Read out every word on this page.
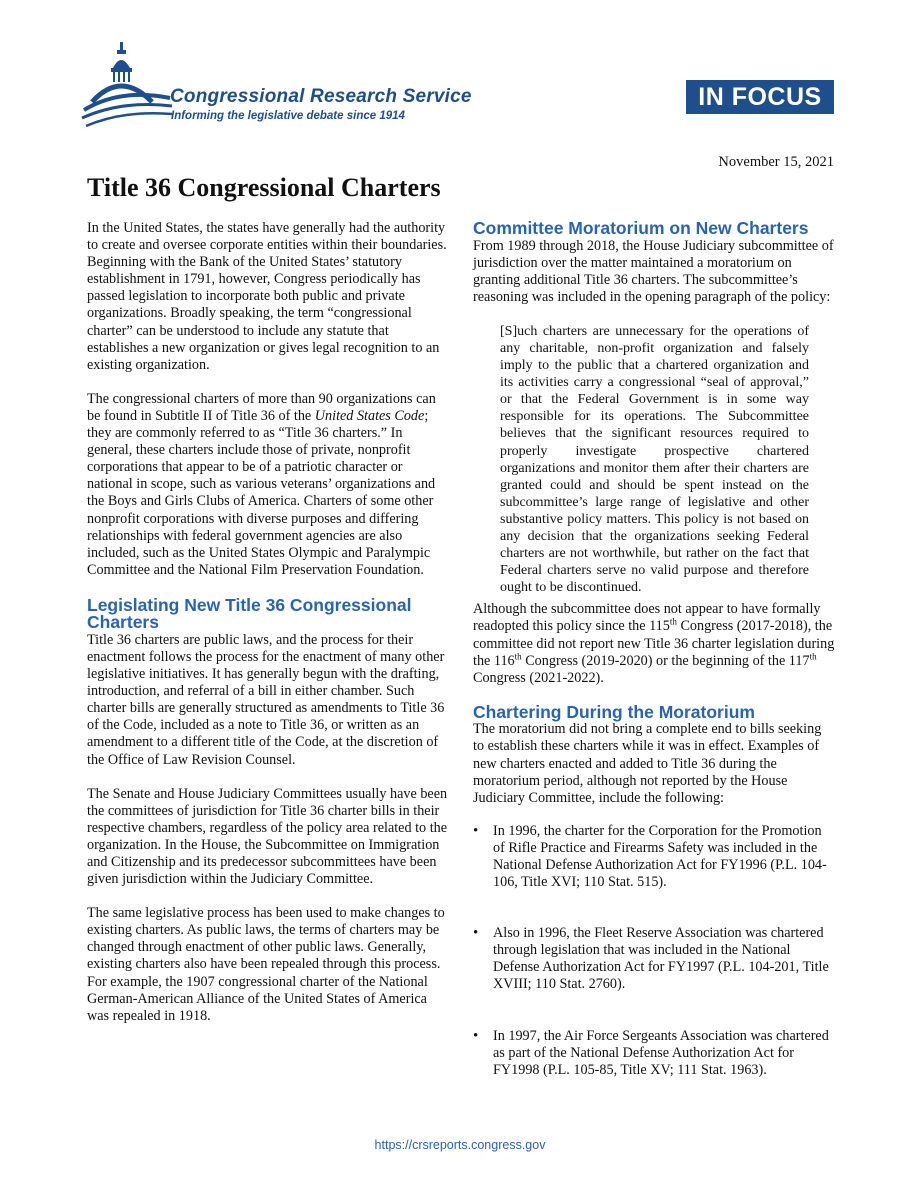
Congressional Research Service
Informing the legislative debate since 1914
IN FOCUS
November 15, 2021
Title 36 Congressional Charters

In the United States, the states have generally had the authority to create and oversee corporate entities within their boundaries. Beginning with the Bank of the United States’ statutory establishment in 1791, however, Congress periodically has passed legislation to incorporate both public and private organizations. Broadly speaking, the term “congressional charter” can be understood to include any statute that establishes a new organization or gives legal recognition to an existing organization.

The congressional charters of more than 90 organizations can be found in Subtitle II of Title 36 of the United States Code; they are commonly referred to as “Title 36 charters.” In general, these charters include those of private, nonprofit corporations that appear to be of a patriotic character or national in scope, such as various veterans’ organizations and the Boys and Girls Clubs of America. Charters of some other nonprofit corporations with diverse purposes and differing relationships with federal government agencies are also included, such as the United States Olympic and Paralympic Committee and the National Film Preservation Foundation.

Legislating New Title 36 Congressional Charters

Title 36 charters are public laws, and the process for their enactment follows the process for the enactment of many other legislative initiatives. It has generally begun with the drafting, introduction, and referral of a bill in either chamber. Such charter bills are generally structured as amendments to Title 36 of the Code, included as a note to Title 36, or written as an amendment to a different title of the Code, at the discretion of the Office of Law Revision Counsel.

The Senate and House Judiciary Committees usually have been the committees of jurisdiction for Title 36 charter bills in their respective chambers, regardless of the policy area related to the organization. In the House, the Subcommittee on Immigration and Citizenship and its predecessor subcommittees have been given jurisdiction within the Judiciary Committee.

The same legislative process has been used to make changes to existing charters. As public laws, the terms of charters may be changed through enactment of other public laws. Generally, existing charters also have been repealed through this process. For example, the 1907 congressional charter of the National German-American Alliance of the United States of America was repealed in 1918.

Committee Moratorium on New Charters

From 1989 through 2018, the House Judiciary subcommittee of jurisdiction over the matter maintained a moratorium on granting additional Title 36 charters. The subcommittee’s reasoning was included in the opening paragraph of the policy:

[S]uch charters are unnecessary for the operations of any charitable, non-profit organization and falsely imply to the public that a chartered organization and its activities carry a congressional “seal of approval,” or that the Federal Government is in some way responsible for its operations. The Subcommittee believes that the significant resources required to properly investigate prospective chartered organizations and monitor them after their charters are granted could and should be spent instead on the subcommittee’s large range of legislative and other substantive policy matters. This policy is not based on any decision that the organizations seeking Federal charters are not worthwhile, but rather on the fact that Federal charters serve no valid purpose and therefore ought to be discontinued.

Although the subcommittee does not appear to have formally readopted this policy since the 115th Congress (2017-2018), the committee did not report new Title 36 charter legislation during the 116th Congress (2019-2020) or the beginning of the 117th Congress (2021-2022).

Chartering During the Moratorium

The moratorium did not bring a complete end to bills seeking to establish these charters while it was in effect. Examples of new charters enacted and added to Title 36 during the moratorium period, although not reported by the House Judiciary Committee, include the following:

• In 1996, the charter for the Corporation for the Promotion of Rifle Practice and Firearms Safety was included in the National Defense Authorization Act for FY1996 (P.L. 104-106, Title XVI; 110 Stat. 515).
• Also in 1996, the Fleet Reserve Association was chartered through legislation that was included in the National Defense Authorization Act for FY1997 (P.L. 104-201, Title XVIII; 110 Stat. 2760).
• In 1997, the Air Force Sergeants Association was chartered as part of the National Defense Authorization Act for FY1998 (P.L. 105-85, Title XV; 111 Stat. 1963).
https://crsreports.congress.gov
